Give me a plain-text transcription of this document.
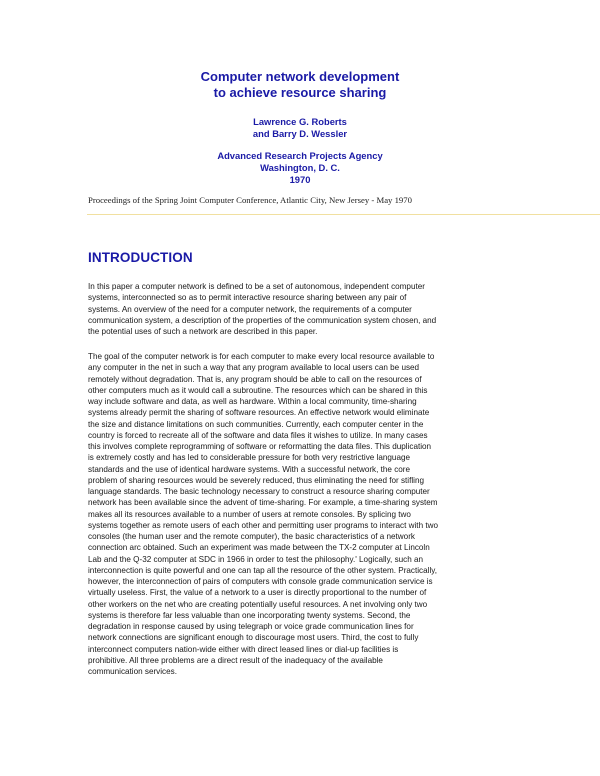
Computer network development
to achieve resource sharing
Lawrence G. Roberts
and Barry D. Wessler
Advanced Research Projects Agency
Washington, D. C.
1970
Proceedings of the Spring Joint Computer Conference, Atlantic City, New Jersey - May 1970
INTRODUCTION
In this paper a computer network is defined to be a set of autonomous, independent computer
systems, interconnected so as to permit interactive resource sharing between any pair of
systems. An overview of the need for a computer network, the requirements of a computer
communication system, a description of the properties of the communication system chosen, and
the potential uses of such a network are described in this paper.
The goal of the computer network is for each computer to make every local resource available to
any computer in the net in such a way that any program available to local users can be used
remotely without degradation. That is, any program should be able to call on the resources of
other computers much as it would call a subroutine. The resources which can be shared in this
way include software and data, as well as hardware. Within a local community, time-sharing
systems already permit the sharing of software resources. An effective network would eliminate
the size and distance limitations on such communities. Currently, each computer center in the
country is forced to recreate all of the software and data files it wishes to utilize. In many cases
this involves complete reprogramming of software or reformatting the data files. This duplication
is extremely costly and has led to considerable pressure for both very restrictive language
standards and the use of identical hardware systems. With a successful network, the core
problem of sharing resources would be severely reduced, thus eliminating the need for stifling
language standards. The basic technology necessary to construct a resource sharing computer
network has been available since the advent of time-sharing. For example, a time-sharing system
makes all its resources available to a number of users at remote consoles. By splicing two
systems together as remote users of each other and permitting user programs to interact with two
consoles (the human user and the remote computer), the basic characteristics of a network
connection arc obtained. Such an experiment was made between the TX-2 computer at Lincoln
Lab and the Q-32 computer at SDC in 1966 in order to test the philosophy.' Logically, such an
interconnection is quite powerful and one can tap all the resource of the other system. Practically,
however, the interconnection of pairs of computers with console grade communication service is
virtually useless. First, the value of a network to a user is directly proportional to the number of
other workers on the net who are creating potentially useful resources. A net involving only two
systems is therefore far less valuable than one incorporating twenty systems. Second, the
degradation in response caused by using telegraph or voice grade communication lines for
network connections are significant enough to discourage most users. Third, the cost to fully
interconnect computers nation-wide either with direct leased lines or dial-up facilities is
prohibitive. All three problems are a direct result of the inadequacy of the available
communication services.
